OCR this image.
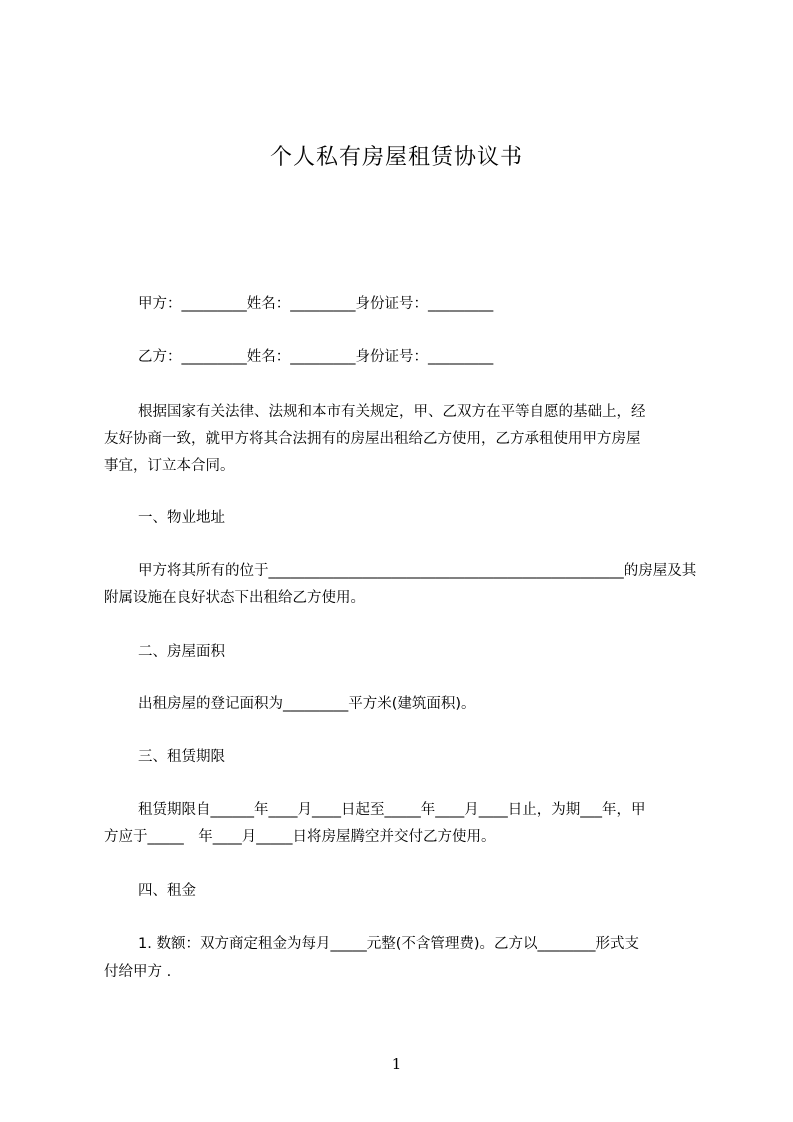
个人私有房屋租赁协议书
甲方：_________姓名：_________身份证号：_________
乙方：_________姓名：_________身份证号：_________
根据国家有关法律、法规和本市有关规定，甲、乙双方在平等自愿的基础上，经
友好协商一致，就甲方将其合法拥有的房屋出租给乙方使用，乙方承租使用甲方房屋
事宜，订立本合同。
一、物业地址
甲方将其所有的位于_________________________________________________的房屋及其
附属设施在良好状态下出租给乙方使用。
二、房屋面积
出租房屋的登记面积为_________平方米(建筑面积)。
三、租赁期限
租赁期限自______年____月____日起至_____年____月____日止，为期___年，甲
方应于_____　年____月_____日将房屋腾空并交付乙方使用。
四、租金
1. 数额：双方商定租金为每月_____元整(不含管理费)。乙方以________形式支
付给甲方 .
1
